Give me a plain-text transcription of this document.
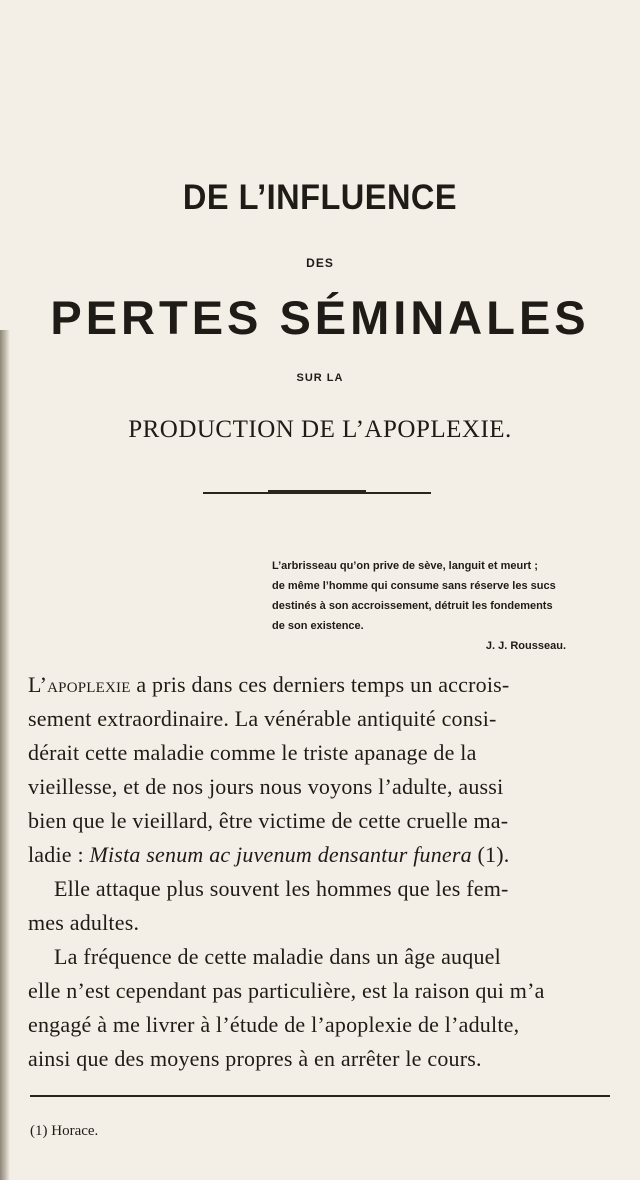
DE L’INFLUENCE
DES
PERTES SÉMINALES
SUR LA
PRODUCTION DE L’APOPLEXIE.
L’arbrisseau qu’on prive de sève, languit et meurt ;
de même l’homme qui consume sans réserve les sucs
destinés à son accroissement, détruit les fondements
de son existence.
J. J. Rousseau.
L’apoplexie a pris dans ces derniers temps un accrois-
sement extraordinaire. La vénérable antiquité consi-
dérait cette maladie comme le triste apanage de la
vieillesse, et de nos jours nous voyons l’adulte, aussi
bien que le vieillard, être victime de cette cruelle ma-
ladie : Mista senum ac juvenum densantur funera (1).
Elle attaque plus souvent les hommes que les fem-
mes adultes.
La fréquence de cette maladie dans un âge auquel
elle n’est cependant pas particulière, est la raison qui m’a
engagé à me livrer à l’étude de l’apoplexie de l’adulte,
ainsi que des moyens propres à en arrêter le cours.
(1) Horace.
